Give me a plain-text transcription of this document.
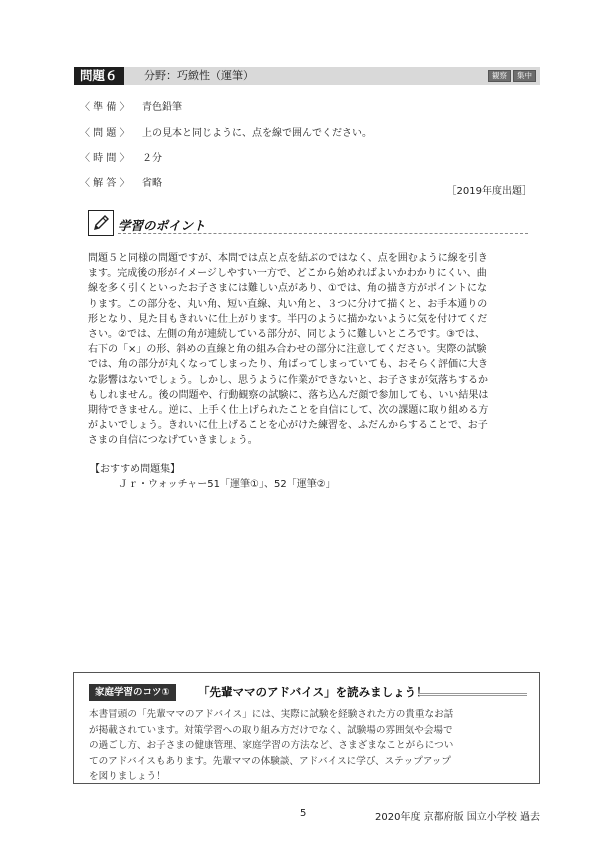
問題６	分野：巧緻性（運筆）	観察	集中
〈 準 備 〉	青色鉛筆
〈 問 題 〉	上の見本と同じように、点を線で囲んでください。
〈 時 間 〉	２分
〈 解 答 〉	省略
［2019年度出題］
学習のポイント

問題５と同様の問題ですが、本問では点と点を結ぶのではなく、点を囲むように線を引き

ます。完成後の形がイメージしやすい一方で、どこから始めればよいかわかりにくい、曲

線を多く引くといったお子さまには難しい点があり、①では、角の描き方がポイントにな

ります。この部分を、丸い角、短い直線、丸い角と、３つに分けて描くと、お手本通りの

形となり、見た目もきれいに仕上がります。半円のように描かないように気を付けてくだ

さい。②では、左側の角が連続している部分が、同じように難しいところです。③では、

右下の「×」の形、斜めの直線と角の組み合わせの部分に注意してください。実際の試験

では、角の部分が丸くなってしまったり、角ばってしまっていても、おそらく評価に大き

な影響はないでしょう。しかし、思うように作業ができないと、お子さまが気落ちするか

もしれません。後の問題や、行動観察の試験に、落ち込んだ顔で参加しても、いい結果は

期待できません。逆に、上手く仕上げられたことを自信にして、次の課題に取り組める方

がよいでしょう。きれいに仕上げることを心がけた練習を、ふだんからすることで、お子

さまの自信につなげていきましょう。

【おすすめ問題集】
Ｊｒ・ウォッチャー51「運筆①」、52「運筆②」
家庭学習のコツ①	「先輩ママのアドバイス」を読みましょう！

本書冒頭の「先輩ママのアドバイス」には、実際に試験を経験された方の貴重なお話

が掲載されています。対策学習への取り組み方だけでなく、試験場の雰囲気や会場で

の過ごし方、お子さまの健康管理、家庭学習の方法など、さまざまなことがらについ

てのアドバイスもあります。先輩ママの体験談、アドバイスに学び、ステップアップ

を図りましょう！

5	2020年度 京都府版 国立小学校 過去
